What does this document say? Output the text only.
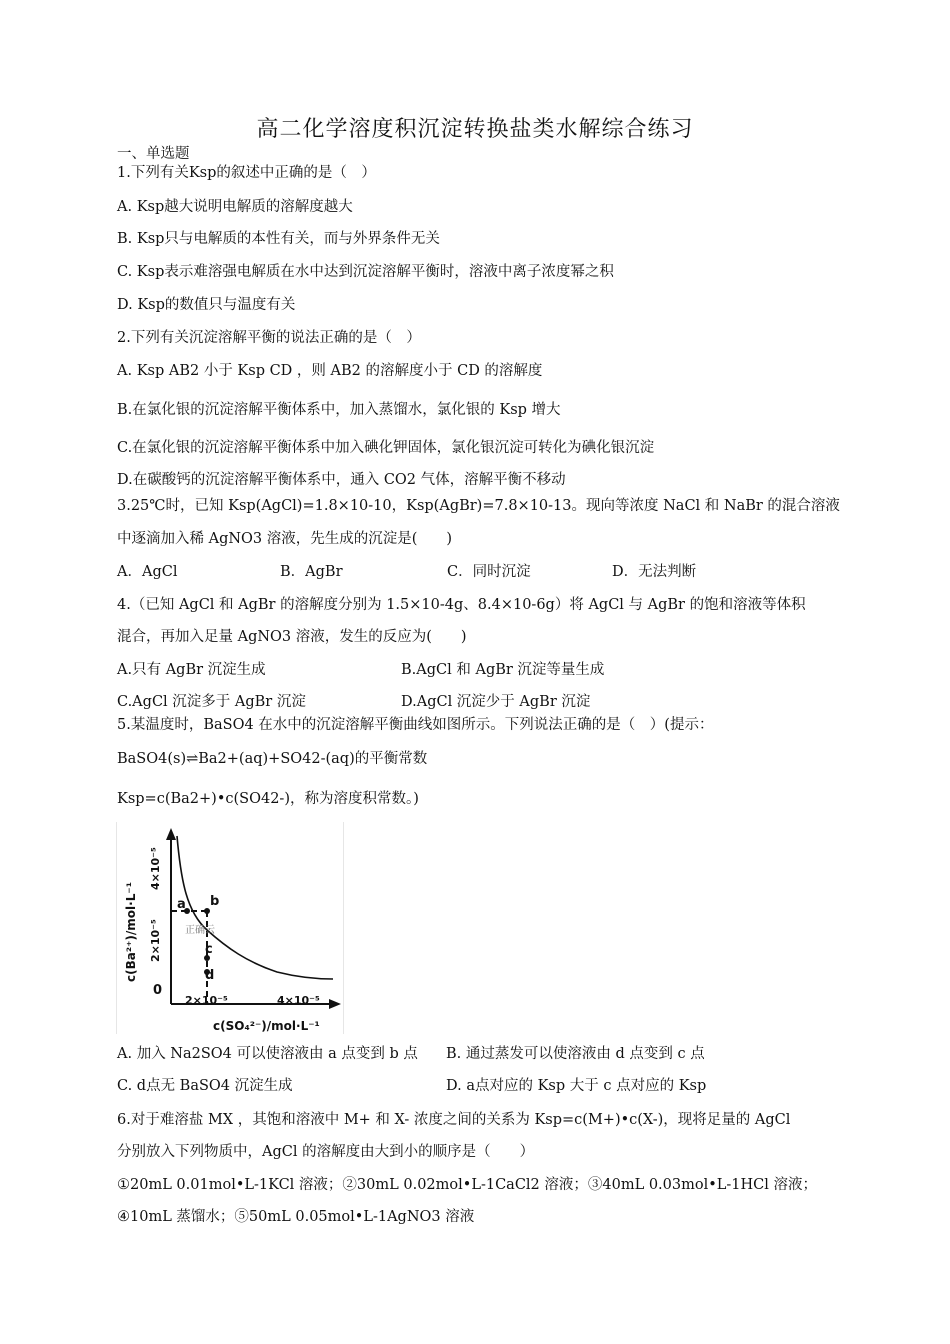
高二化学溶度积沉淀转换盐类水解综合练习
一、单选题
1.下列有关Ksp的叙述中正确的是（　）
A. Ksp越大说明电解质的溶解度越大
B. Ksp只与电解质的本性有关，而与外界条件无关
C. Ksp表示难溶强电解质在水中达到沉淀溶解平衡时，溶液中离子浓度幂之积
D. Ksp的数值只与温度有关
2.下列有关沉淀溶解平衡的说法正确的是（　）
A. Ksp AB2 小于 Ksp CD ，则 AB2 的溶解度小于 CD 的溶解度
B.在氯化银的沉淀溶解平衡体系中，加入蒸馏水，氯化银的 Ksp 增大
C.在氯化银的沉淀溶解平衡体系中加入碘化钾固体，氯化银沉淀可转化为碘化银沉淀
D.在碳酸钙的沉淀溶解平衡体系中，通入 CO2 气体，溶解平衡不移动
3.25℃时，已知 Ksp(AgCl)=1.8×10-10，Ksp(AgBr)=7.8×10-13。现向等浓度 NaCl 和 NaBr 的混合溶液
中逐滴加入稀 AgNO3 溶液，先生成的沉淀是(　　)
A．AgCl	B．AgBr	C．同时沉淀	D．无法判断
4.（已知 AgCl 和 AgBr 的溶解度分别为 1.5×10-4g、8.4×10-6g）将 AgCl 与 AgBr 的饱和溶液等体积
混合，再加入足量 AgNO3 溶液，发生的反应为(　　)
A.只有 AgBr 沉淀生成	B.AgCl 和 AgBr 沉淀等量生成
C.AgCl 沉淀多于 AgBr 沉淀	D.AgCl 沉淀少于 AgBr 沉淀
5.某温度时，BaSO4 在水中的沉淀溶解平衡曲线如图所示。下列说法正确的是（　）(提示：
BaSO4(s)⇌Ba2+(aq)+SO42-(aq)的平衡常数
Ksp=c(Ba2+)•c(SO42-)，称为溶度积常数。)
a b
c
d
正确云
0
2×10⁻⁵	4×10⁻⁵
c(SO₄²⁻)/mol·L⁻¹
2×10⁻⁵
4×10⁻⁵
c(Ba²⁺)/mol·L⁻¹
A. 加入 Na2SO4 可以使溶液由 a 点变到 b 点 B. 通过蒸发可以使溶液由 d 点变到 c 点
C. d点无 BaSO4 沉淀生成	D. a点对应的 Ksp 大于 c 点对应的 Ksp
6.对于难溶盐 MX ，其饱和溶液中 M+ 和 X- 浓度之间的关系为 Ksp=c(M+)•c(X-)，现将足量的 AgCl
分别放入下列物质中，AgCl 的溶解度由大到小的顺序是（　　）
①20mL 0.01mol•L-1KCl 溶液；②30mL 0.02mol•L-1CaCl2 溶液；③40mL 0.03mol•L-1HCl 溶液；
④10mL 蒸馏水；⑤50mL 0.05mol•L-1AgNO3 溶液
